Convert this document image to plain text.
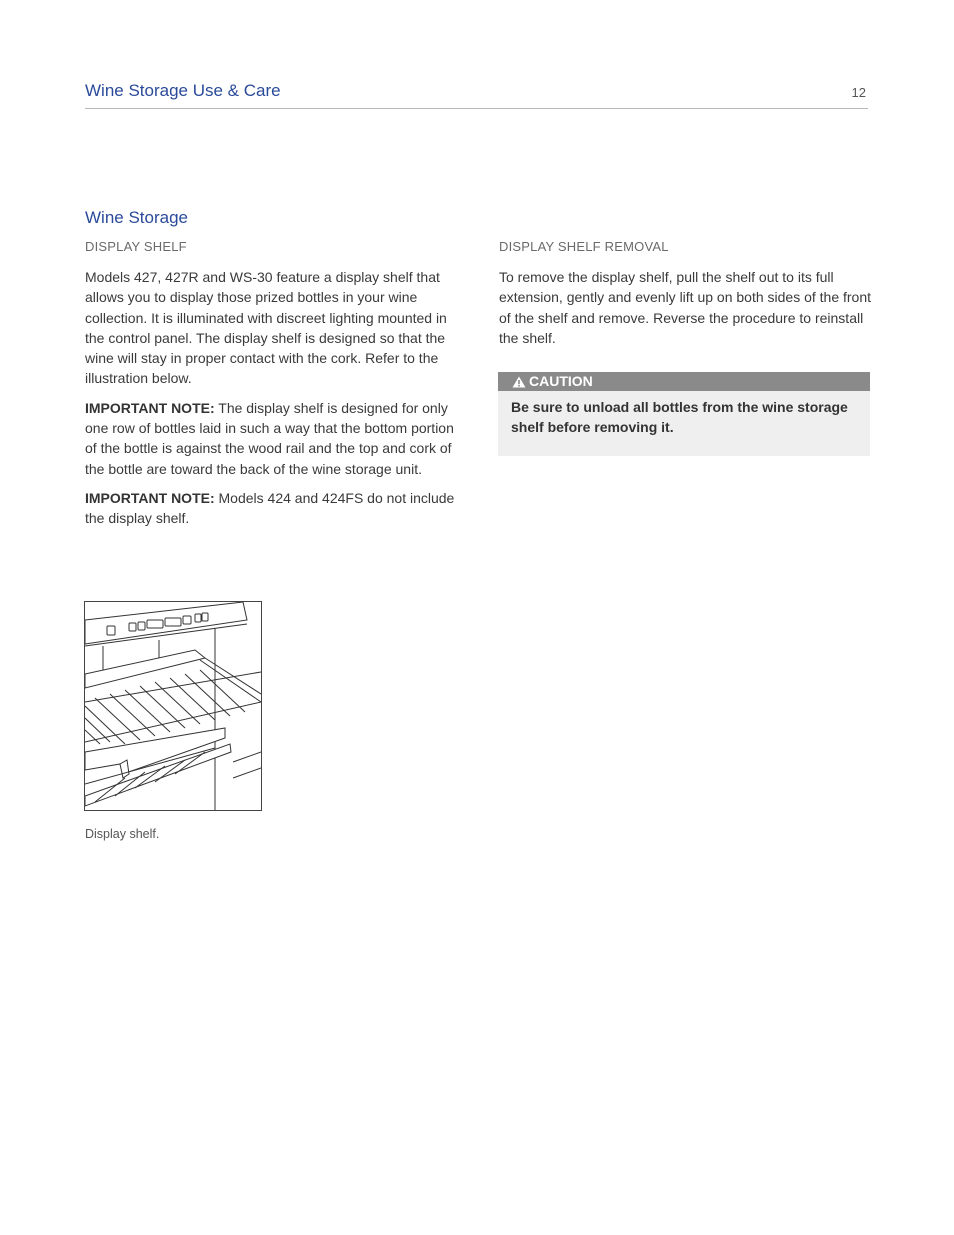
Wine Storage Use & Care	12
Wine Storage
DISPLAY SHELF

Models 427, 427R and WS-30 feature a display shelf that allows you to display those prized bottles in your wine collection. It is illuminated with discreet lighting mounted in the control panel. The display shelf is designed so that the wine will stay in proper contact with the cork. Refer to the illustration below.

IMPORTANT NOTE: The display shelf is designed for only one row of bottles laid in such a way that the bottom portion of the bottle is against the wood rail and the top and cork of the bottle are toward the back of the wine storage unit.

IMPORTANT NOTE: Models 424 and 424FS do not include the display shelf.

DISPLAY SHELF REMOVAL

To remove the display shelf, pull the shelf out to its full extension, gently and evenly lift up on both sides of the front of the shelf and remove. Reverse the procedure to reinstall the shelf.

CAUTION
Be sure to unload all bottles from the wine storage shelf before removing it.
Display shelf.
